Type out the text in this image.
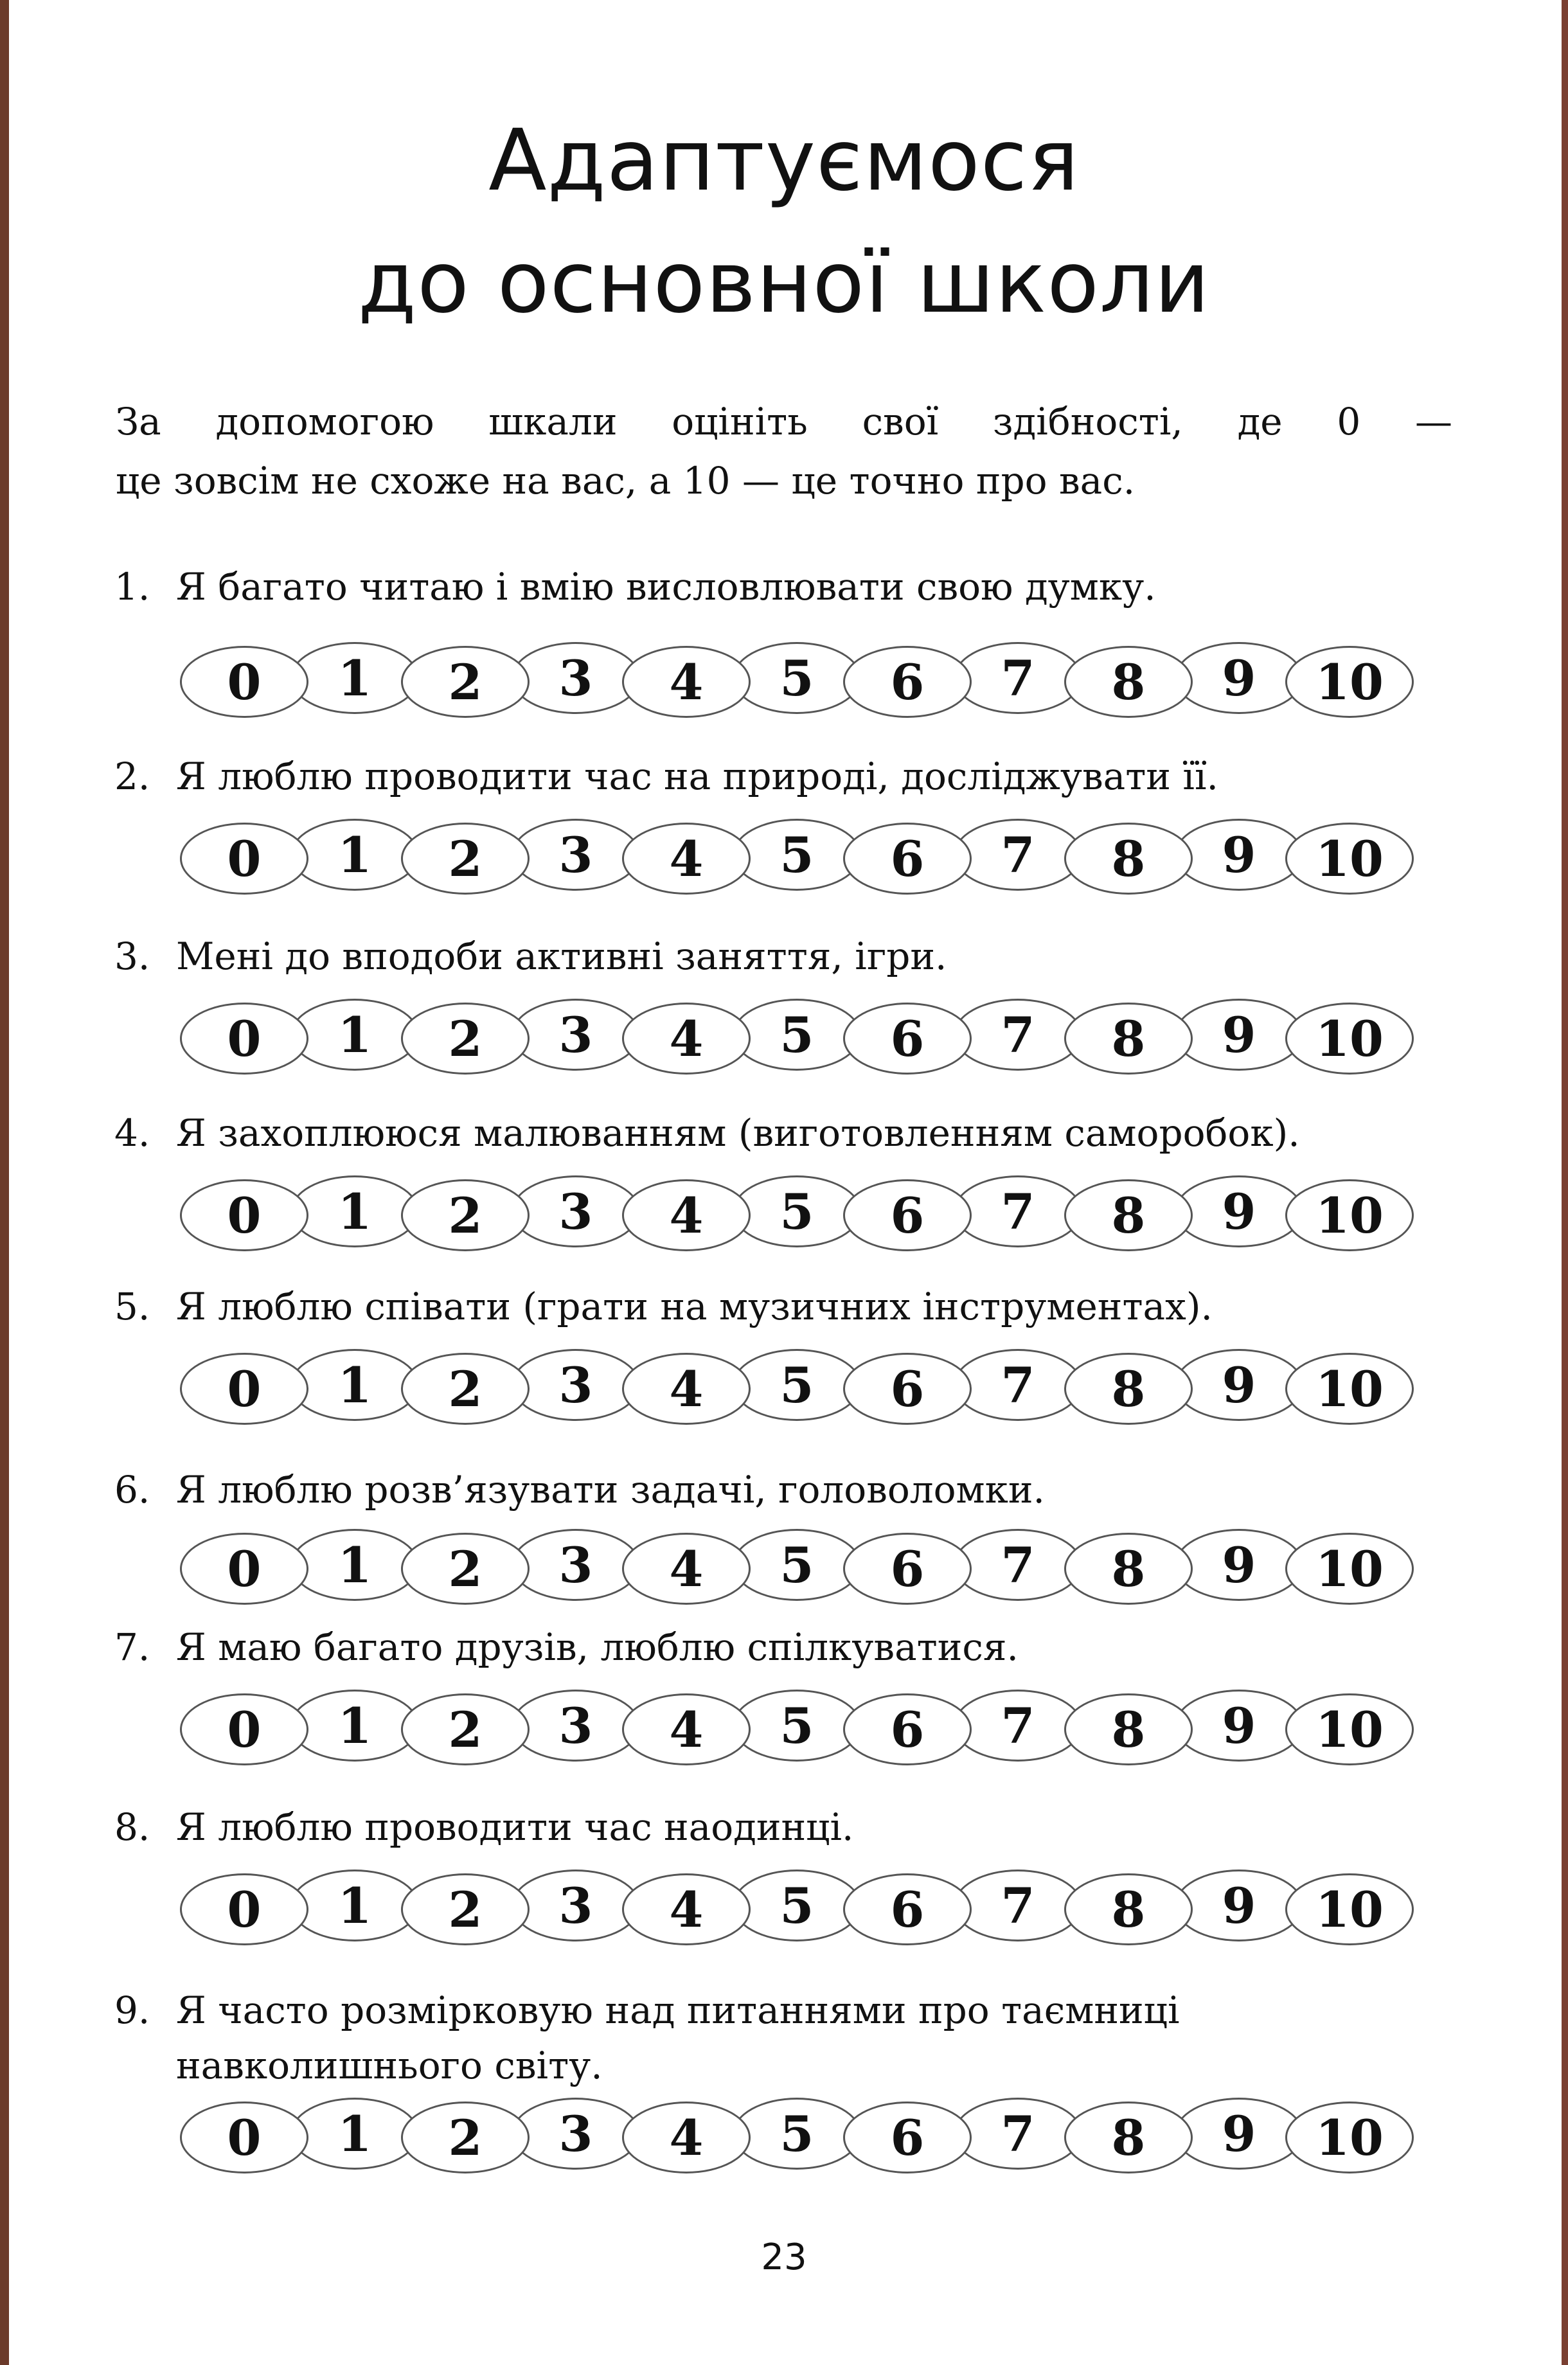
Адаптуємося
до основної школи
За допомогою шкали оцініть свої здібності, де 0 —
це зовсім не схоже на вас, а 10 — це точно про вас.
1. Я багато читаю і вмію висловлювати свою думку.
0	1	2	3	4	5	6	7	8	9	10
2. Я люблю проводити час на природі, досліджувати її.
0	1	2	3	4	5	6	7	8	9	10
3. Мені до вподоби активні заняття, ігри.
0	1	2	3	4	5	6	7	8	9	10
4. Я захоплююся малюванням (виготовленням саморобок).
0	1	2	3	4	5	6	7	8	9	10
5. Я люблю співати (грати на музичних інструментах).
0	1	2	3	4	5	6	7	8	9	10
6. Я люблю розв’язувати задачі, головоломки.
0	1	2	3	4	5	6	7	8	9	10
7. Я маю багато друзів, люблю спілкуватися.
0	1	2	3	4	5	6	7	8	9	10
8. Я люблю проводити час наодинці.
0	1	2	3	4	5	6	7	8	9	10
9. Я часто розмірковую над питаннями про таємниці
навколишнього світу.
0	1	2	3	4	5	6	7	8	9	10
23
